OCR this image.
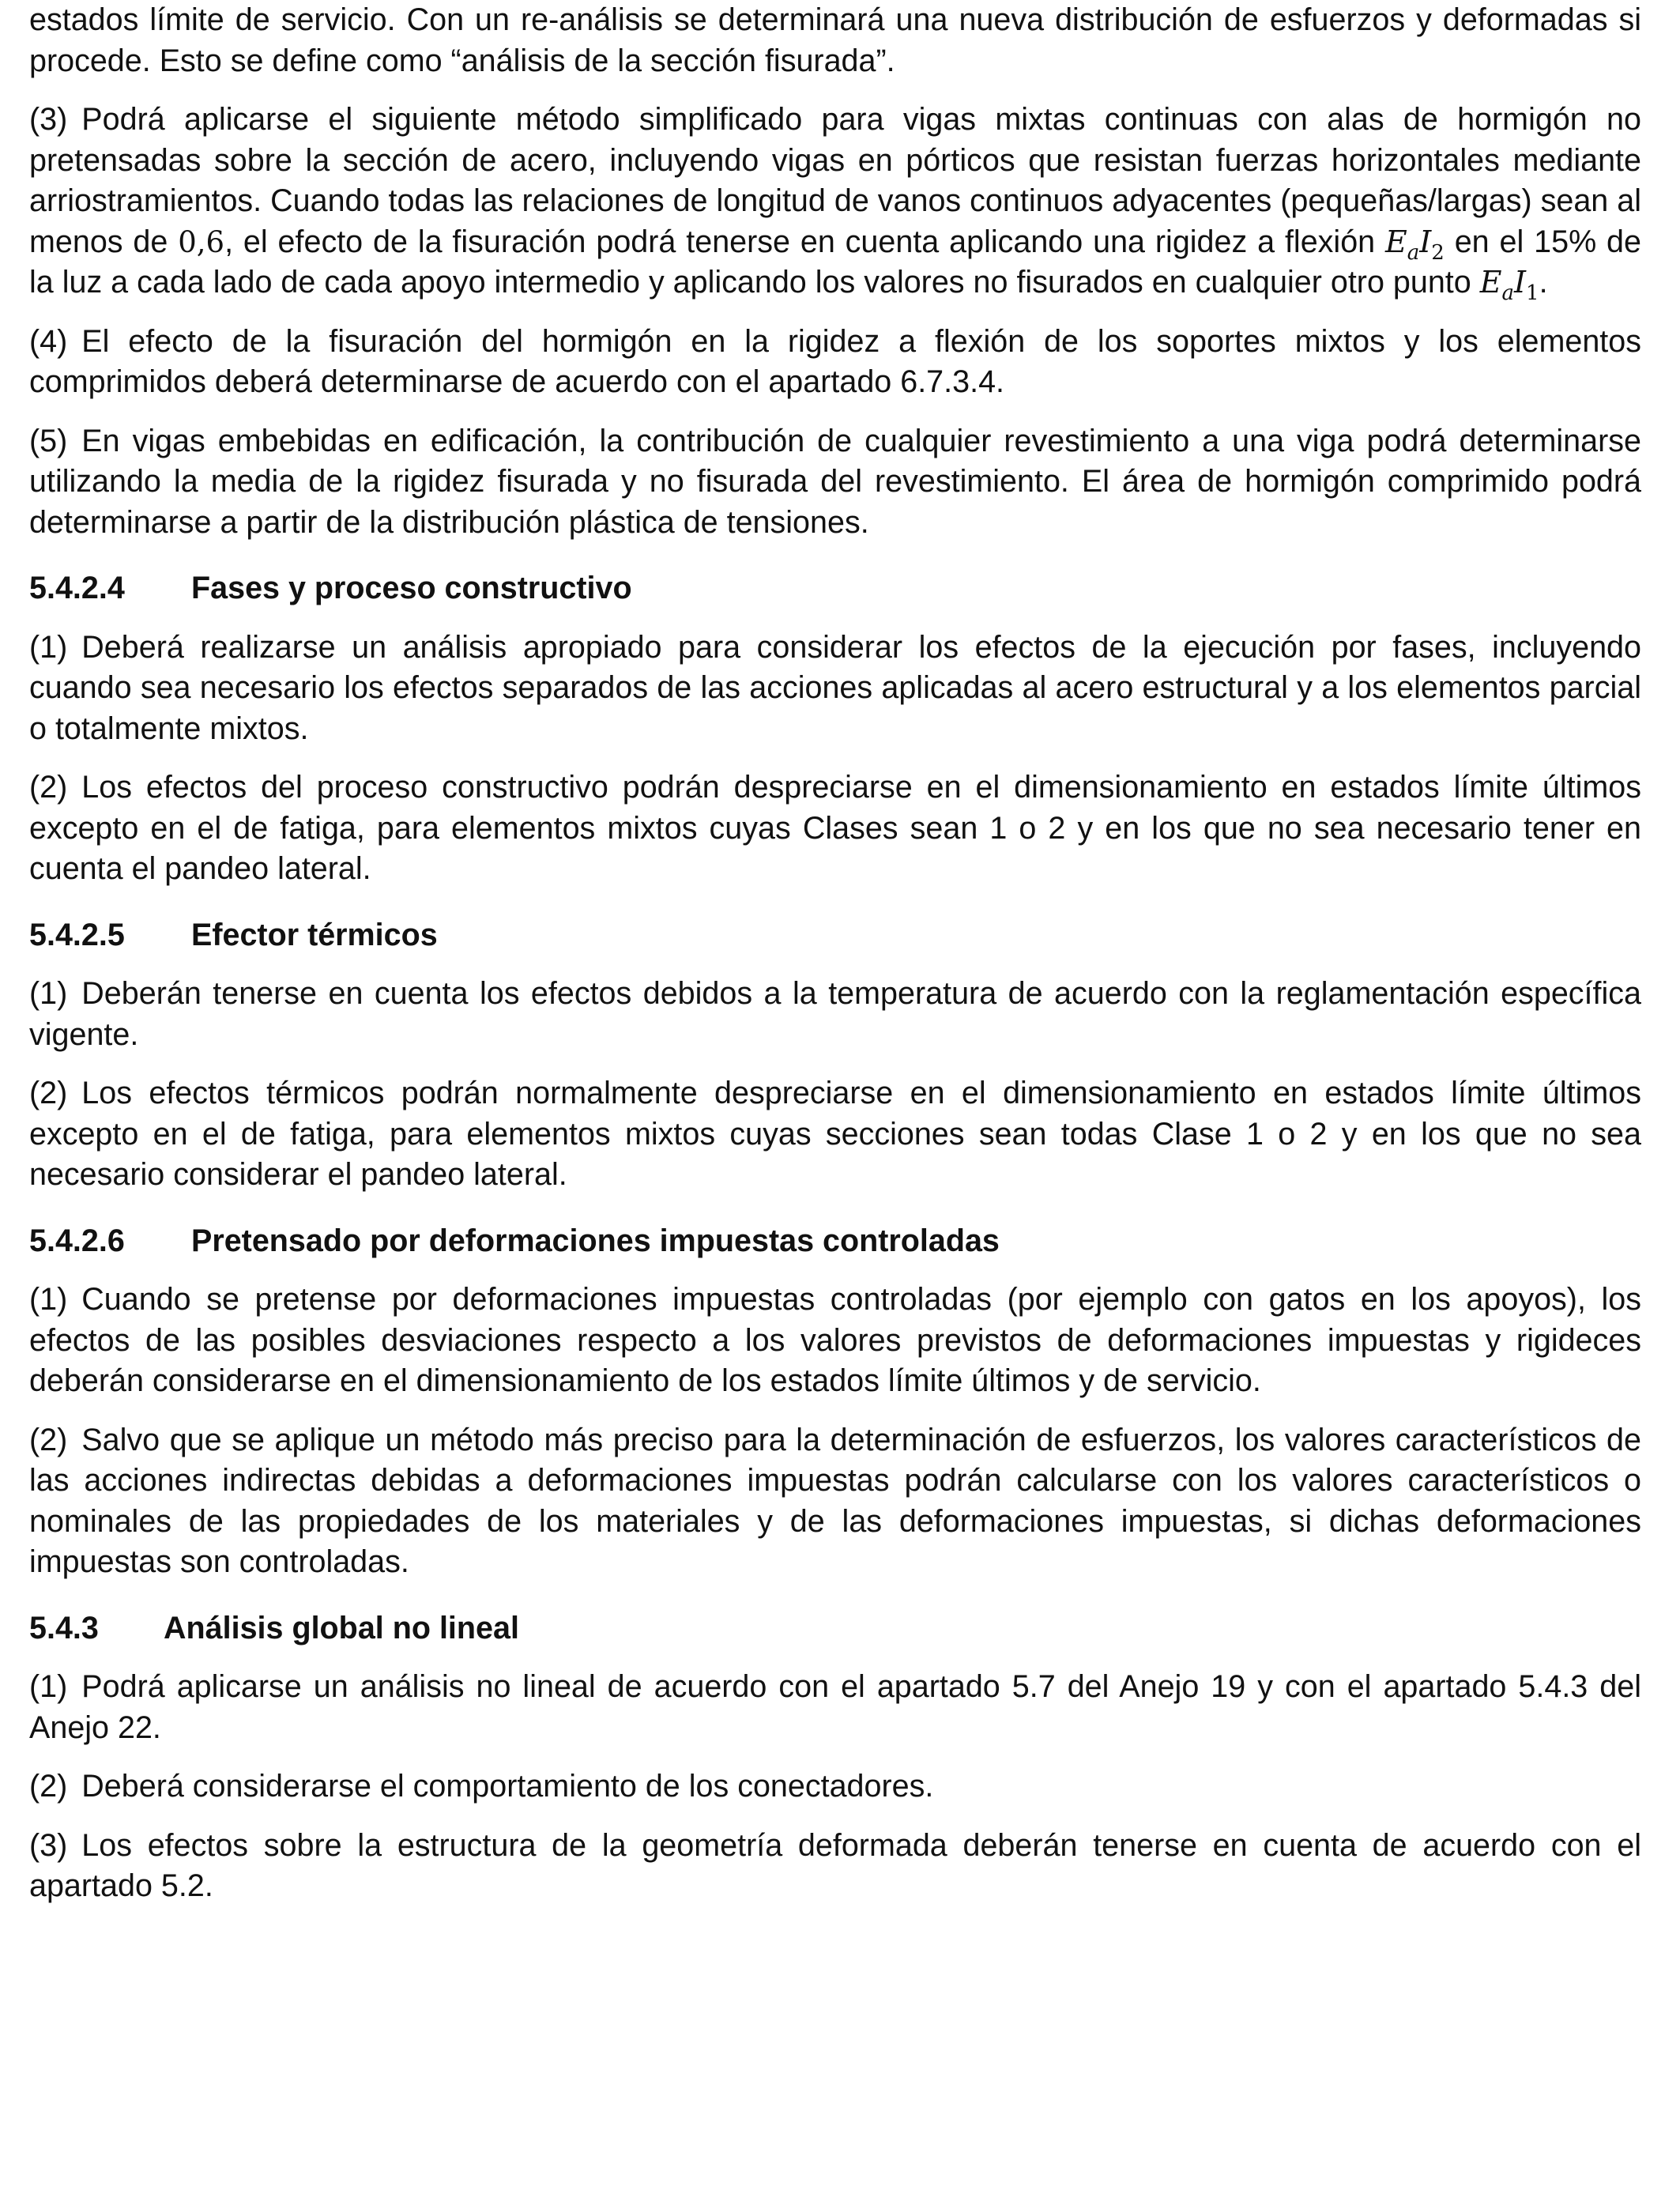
estados límite de servicio. Con un re-análisis se determinará una nueva distribución de esfuerzos y deformadas si procede. Esto se define como “análisis de la sección fisurada”.

(3) Podrá aplicarse el siguiente método simplificado para vigas mixtas continuas con alas de hormigón no pretensadas sobre la sección de acero, incluyendo vigas en pórticos que resistan fuerzas horizontales mediante arriostramientos. Cuando todas las relaciones de longitud de vanos continuos adyacentes (pequeñas/largas) sean al menos de 0,6, el efecto de la fisuración podrá tenerse en cuenta aplicando una rigidez a flexión $E_aI_2$ en el 15% de la luz a cada lado de cada apoyo intermedio y aplicando los valores no fisurados en cualquier otro punto $E_aI_1$.

(4) El efecto de la fisuración del hormigón en la rigidez a flexión de los soportes mixtos y los elementos comprimidos deberá determinarse de acuerdo con el apartado 6.7.3.4.

(5) En vigas embebidas en edificación, la contribución de cualquier revestimiento a una viga podrá determinarse utilizando la media de la rigidez fisurada y no fisurada del revestimiento. El área de hormigón comprimido podrá determinarse a partir de la distribución plástica de tensiones.

5.4.2.4	Fases y proceso constructivo

(1) Deberá realizarse un análisis apropiado para considerar los efectos de la ejecución por fases, incluyendo cuando sea necesario los efectos separados de las acciones aplicadas al acero estructural y a los elementos parcial o totalmente mixtos.

(2) Los efectos del proceso constructivo podrán despreciarse en el dimensionamiento en estados límite últimos excepto en el de fatiga, para elementos mixtos cuyas Clases sean 1 o 2 y en los que no sea necesario tener en cuenta el pandeo lateral.

5.4.2.5	Efector térmicos

(1) Deberán tenerse en cuenta los efectos debidos a la temperatura de acuerdo con la reglamentación específica vigente.

(2) Los efectos térmicos podrán normalmente despreciarse en el dimensionamiento en estados límite últimos excepto en el de fatiga, para elementos mixtos cuyas secciones sean todas Clase 1 o 2 y en los que no sea necesario considerar el pandeo lateral.

5.4.2.6	Pretensado por deformaciones impuestas controladas

(1) Cuando se pretense por deformaciones impuestas controladas (por ejemplo con gatos en los apoyos), los efectos de las posibles desviaciones respecto a los valores previstos de deformaciones impuestas y rigideces deberán considerarse en el dimensionamiento de los estados límite últimos y de servicio.

(2) Salvo que se aplique un método más preciso para la determinación de esfuerzos, los valores característicos de las acciones indirectas debidas a deformaciones impuestas podrán calcularse con los valores característicos o nominales de las propiedades de los materiales y de las deformaciones impuestas, si dichas deformaciones impuestas son controladas.

5.4.3	Análisis global no lineal

(1) Podrá aplicarse un análisis no lineal de acuerdo con el apartado 5.7 del Anejo 19 y con el apartado 5.4.3 del Anejo 22.

(2) Deberá considerarse el comportamiento de los conectadores.

(3) Los efectos sobre la estructura de la geometría deformada deberán tenerse en cuenta de acuerdo con el apartado 5.2.
